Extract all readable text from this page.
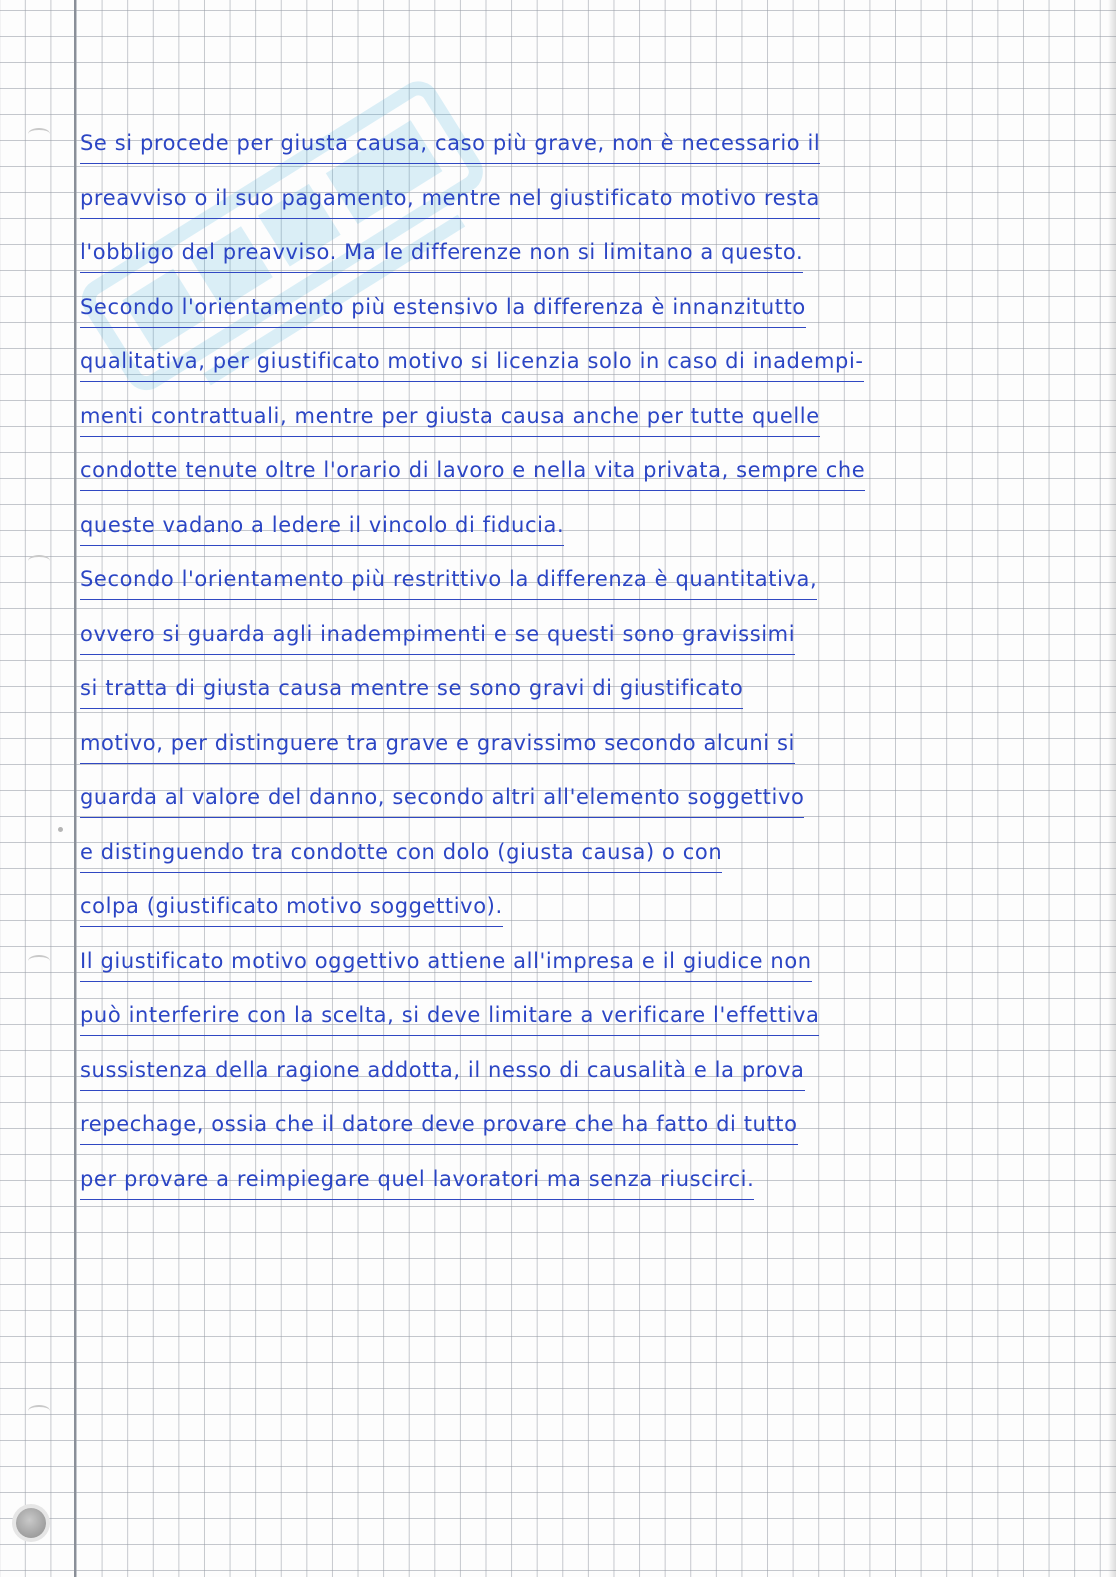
Se si procede per giusta causa, caso più grave, non è necessario il
preavviso o il suo pagamento, mentre nel giustificato motivo resta
l'obbligo del preavviso. Ma le differenze non si limitano a questo.
Secondo l'orientamento più estensivo la differenza è innanzitutto
qualitativa, per giustificato motivo si licenzia solo in caso di inadempi-
menti contrattuali, mentre per giusta causa anche per tutte quelle
condotte tenute oltre l'orario di lavoro e nella vita privata, sempre che
queste vadano a ledere il vincolo di fiducia.
Secondo l'orientamento più restrittivo la differenza è quantitativa,
ovvero si guarda agli inadempimenti e se questi sono gravissimi
si tratta di giusta causa mentre se sono gravi di giustificato
motivo, per distinguere tra grave e gravissimo secondo alcuni si
guarda al valore del danno, secondo altri all'elemento soggettivo
e distinguendo tra condotte con dolo (giusta causa) o con
colpa (giustificato motivo soggettivo).
Il giustificato motivo oggettivo attiene all'impresa e il giudice non
può interferire con la scelta, si deve limitare a verificare l'effettiva
sussistenza della ragione addotta, il nesso di causalità e la prova
repechage, ossia che il datore deve provare che ha fatto di tutto
per provare a reimpiegare quel lavoratori ma senza riuscirci.
